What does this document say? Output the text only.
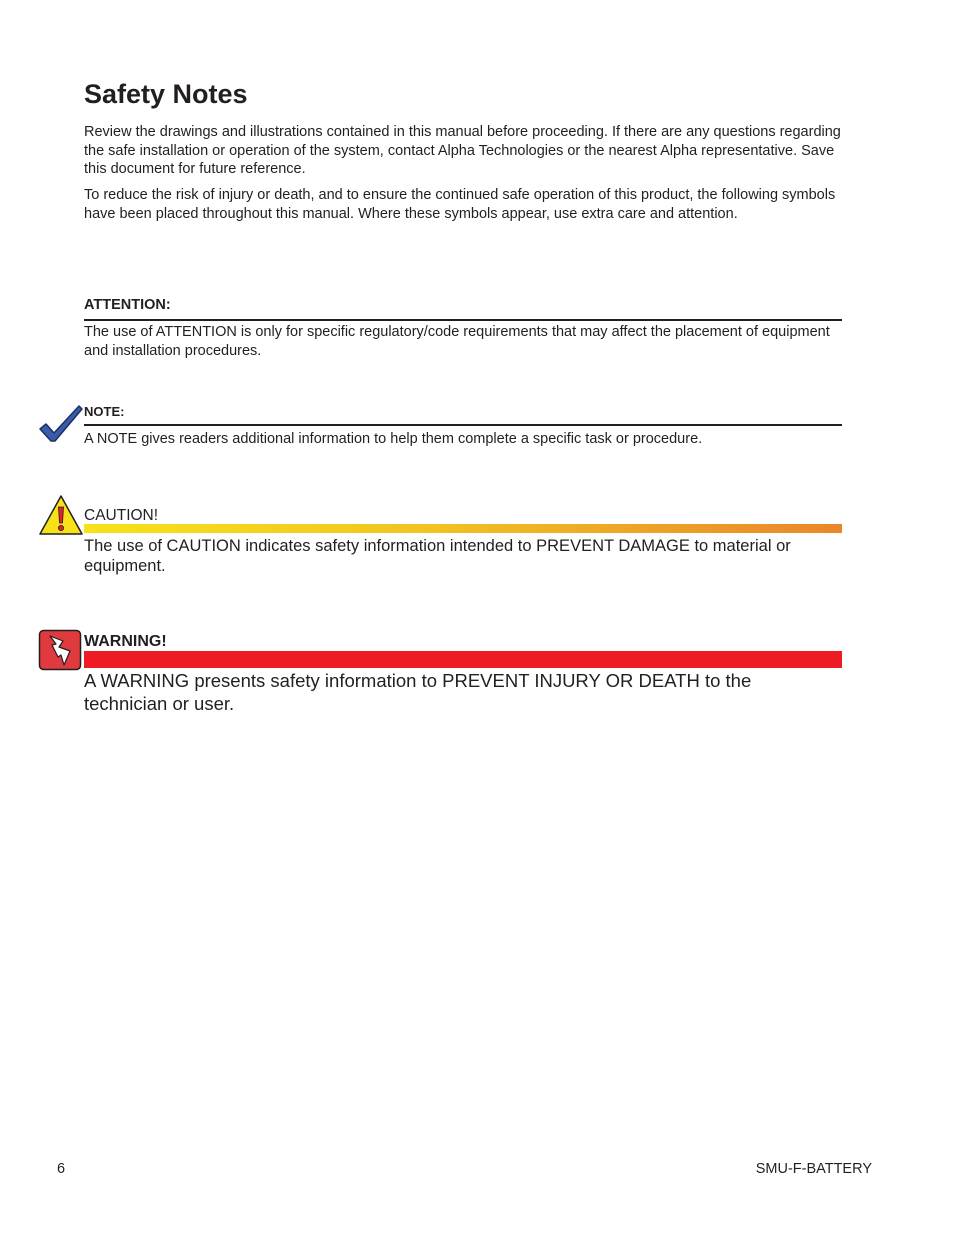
Safety Notes

Review the drawings and illustrations contained in this manual before proceeding. If there are any questions regarding the safe installation or operation of the system, contact Alpha Technologies or the nearest Alpha representative. Save this document for future reference.

To reduce the risk of injury or death, and to ensure the continued safe operation of this product, the following symbols have been placed throughout this manual. Where these symbols appear, use extra care and attention.

ATTENTION:

The use of ATTENTION is only for specific regulatory/code requirements that may affect the placement of equipment and installation procedures.

NOTE:

A NOTE gives readers additional information to help them complete a specific task or procedure.

CAUTION!

The use of CAUTION indicates safety information intended to PREVENT DAMAGE to material or equipment.

WARNING!

A WARNING presents safety information to PREVENT INJURY OR DEATH to the technician or user.

6	SMU-F-BATTERY
